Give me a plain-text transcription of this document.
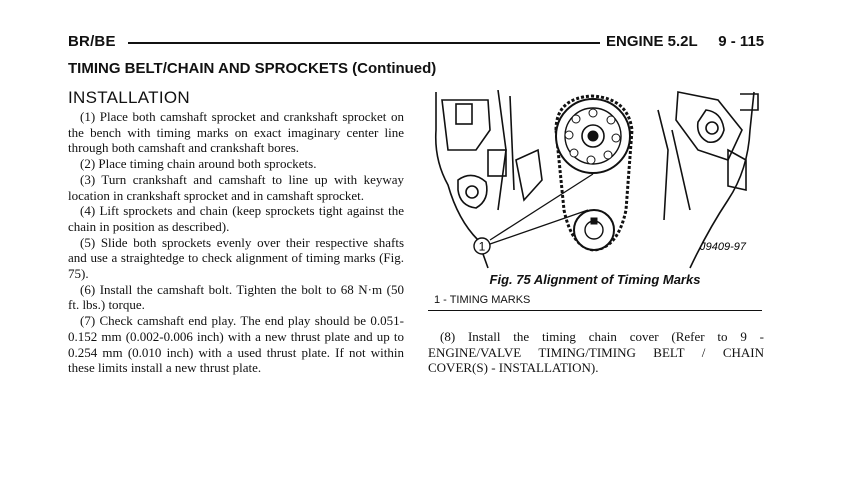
BR/BE	ENGINE 5.2L     9 - 115
TIMING BELT/CHAIN AND SPROCKETS (Continued)
INSTALLATION

(1) Place both camshaft sprocket and crankshaft sprocket on the bench with timing marks on exact imaginary center line through both camshaft and crankshaft bores.

(2) Place timing chain around both sprockets.

(3) Turn crankshaft and camshaft to line up with keyway location in crankshaft sprocket and in camshaft sprocket.

(4) Lift sprockets and chain (keep sprockets tight against the chain in position as described).

(5) Slide both sprockets evenly over their respective shafts and use a straightedge to check alignment of timing marks (Fig. 75).

(6) Install the camshaft bolt. Tighten the bolt to 68 N·m (50 ft. lbs.) torque.

(7) Check camshaft end play. The end play should be 0.051-0.152 mm (0.002-0.006 inch) with a new thrust plate and up to 0.254 mm (0.010 inch) with a used thrust plate. If not within these limits install a new thrust plate.

1	J9409-97
Fig. 75 Alignment of Timing Marks
1 - TIMING MARKS

(8) Install the timing chain cover (Refer to 9 - ENGINE/VALVE TIMING/TIMING BELT / CHAIN COVER(S) - INSTALLATION).
